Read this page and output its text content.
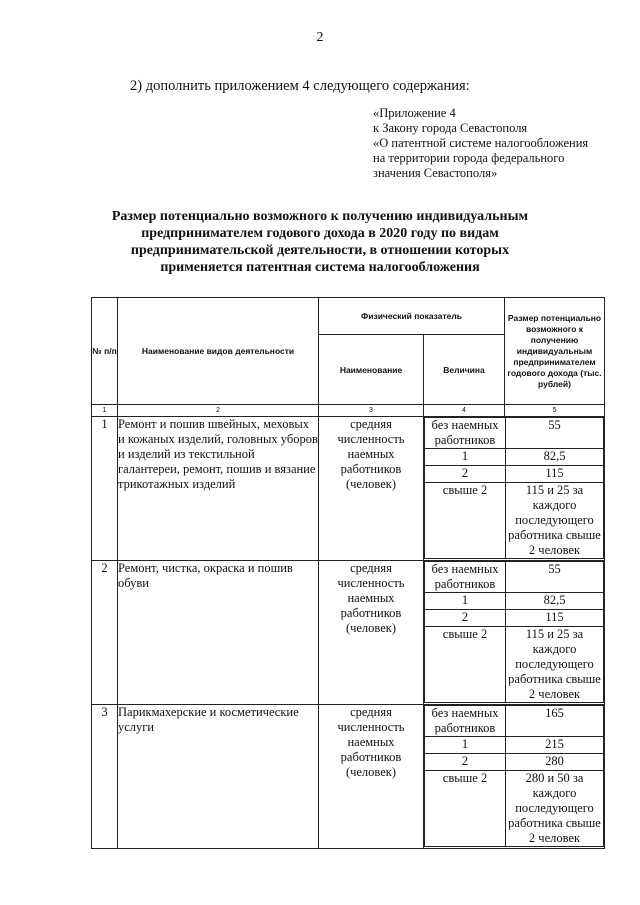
2
2) дополнить приложением 4 следующего содержания:
«Приложение 4
к Закону города Севастополя
«О патентной системе налогообложения
на территории города федерального
значения Севастополя»
Размер потенциально возможного к получению индивидуальным
предпринимателем годового дохода в 2020 году по видам
предпринимательской деятельности, в отношении которых
применяется патентная система налогообложения
№ п/п	Наименование видов деятельности	Физический показатель	Размер потенциально возможного к получению индивидуальным предпринимателем годового дохода (тыс. рублей)
Наименование	Величина
1	2	3	4	5
1	Ремонт и пошив швейных, меховых и кожаных изделий, головных уборов и изделий из текстильной галантереи, ремонт, пошив и вязание трикотажных изделий	средняя численность наемных работников (человек)	
без наемных работников	55
1	82,5
2	115
свыше 2	115 и 25 за каждого последующего работника свыше 2 человек

2	Ремонт, чистка, окраска и пошив обуви	средняя численность наемных работников (человек)	
без наемных работников	55
1	82,5
2	115
свыше 2	115 и 25 за каждого последующего работника свыше 2 человек

3	Парикмахерские и косметические услуги	средняя численность наемных работников (человек)	
без наемных работников	165
1	215
2	280
свыше 2	280 и 50 за каждого последующего работника свыше 2 человек
